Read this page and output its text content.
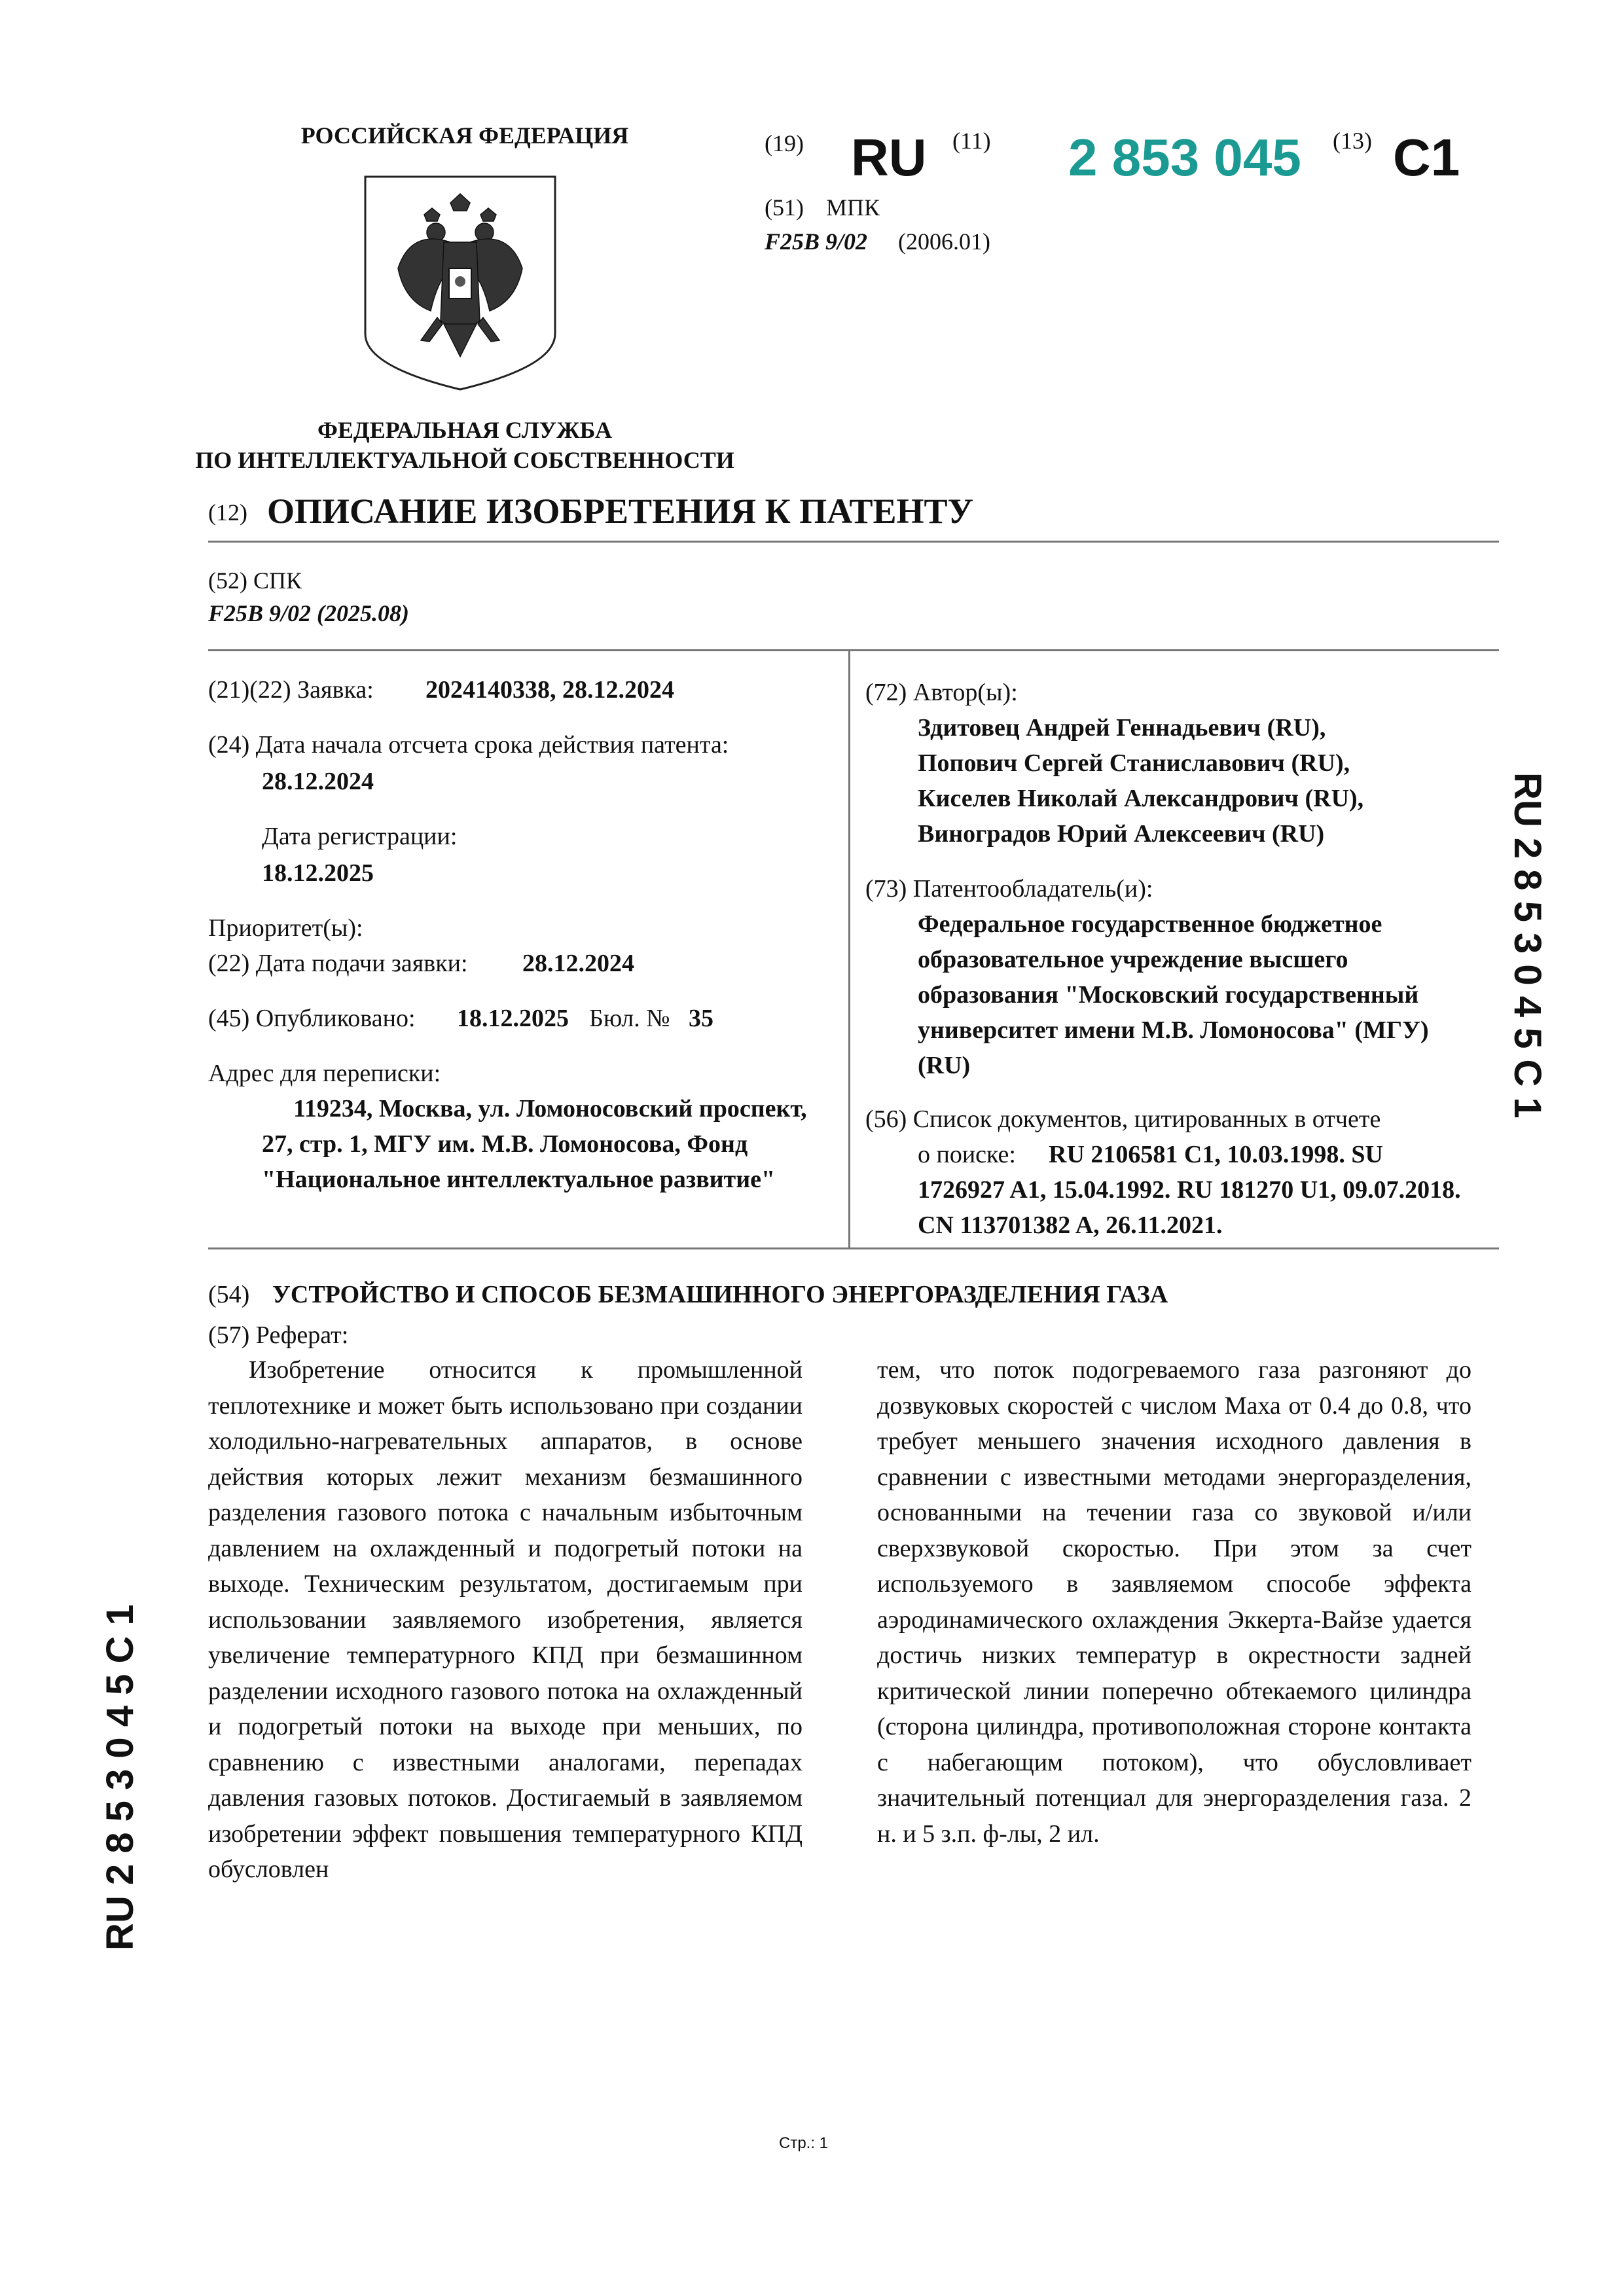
РОССИЙСКАЯ ФЕДЕРАЦИЯ
ФЕДЕРАЛЬНАЯ СЛУЖБА
ПО ИНТЕЛЛЕКТУАЛЬНОЙ СОБСТВЕННОСТИ
(19) RU (11) 2 853 045 (13) C1
(51) МПК
F25B 9/02 (2006.01)
(12) ОПИСАНИЕ ИЗОБРЕТЕНИЯ К ПАТЕНТУ
(52) СПК
F25B 9/02 (2025.08)
(21)(22) Заявка: 2024140338, 28.12.2024
(24) Дата начала отсчета срока действия патента:
28.12.2024
Дата регистрации:
18.12.2025
Приоритет(ы):
(22) Дата подачи заявки: 28.12.2024
(45) Опубликовано: 18.12.2025 Бюл. № 35
Адрес для переписки:
119234, Москва, ул. Ломоносовский проспект,
27, стр. 1, МГУ им. М.В. Ломоносова, Фонд
"Национальное интеллектуальное развитие"
(72) Автор(ы):
Здитовец Андрей Геннадьевич (RU),
Попович Сергей Станиславович (RU),
Киселев Николай Александрович (RU),
Виноградов Юрий Алексеевич (RU)
(73) Патентообладатель(и):
Федеральное государственное бюджетное
образовательное учреждение высшего
образования "Московский государственный
университет имени М.В. Ломоносова" (МГУ)
(RU)
(56) Список документов, цитированных в отчете
о поиске: RU 2106581 C1, 10.03.1998. SU
1726927 A1, 15.04.1992. RU 181270 U1, 09.07.2018.
CN 113701382 A, 26.11.2021.
(54) УСТРОЙСТВО И СПОСОБ БЕЗМАШИННОГО ЭНЕРГОРАЗДЕЛЕНИЯ ГАЗА
(57) Реферат:

Изобретение относится к промышленной теплотехнике и может быть использовано при создании холодильно-нагревательных аппаратов, в основе действия которых лежит механизм безмашинного разделения газового потока с начальным избыточным давлением на охлажденный и подогретый потоки на выходе. Техническим результатом, достигаемым при использовании заявляемого изобретения, является увеличение температурного КПД при безмашинном разделении исходного газового потока на охлажденный и подогретый потоки на выходе при меньших, по сравнению с известными аналогами, перепадах давления газовых потоков. Достигаемый в заявляемом изобретении эффект повышения температурного КПД обусловлен

тем, что поток подогреваемого газа разгоняют до дозвуковых скоростей с числом Маха от 0.4 до 0.8, что требует меньшего значения исходного давления в сравнении с известными методами энергоразделения, основанными на течении газа со звуковой и/или сверхзвуковой скоростью. При этом за счет используемого в заявляемом способе эффекта аэродинамического охлаждения Эккерта-Вайзе удается достичь низких температур в окрестности задней критической линии поперечно обтекаемого цилиндра (сторона цилиндра, противоположная стороне контакта с набегающим потоком), что обусловливает значительный потенциал для энергоразделения газа. 2 н. и 5 з.п. ф-лы, 2 ил.

RU 2 8 5 3 0 4 5 C 1
RU 2 8 5 3 0 4 5 C 1
Стр.: 1
